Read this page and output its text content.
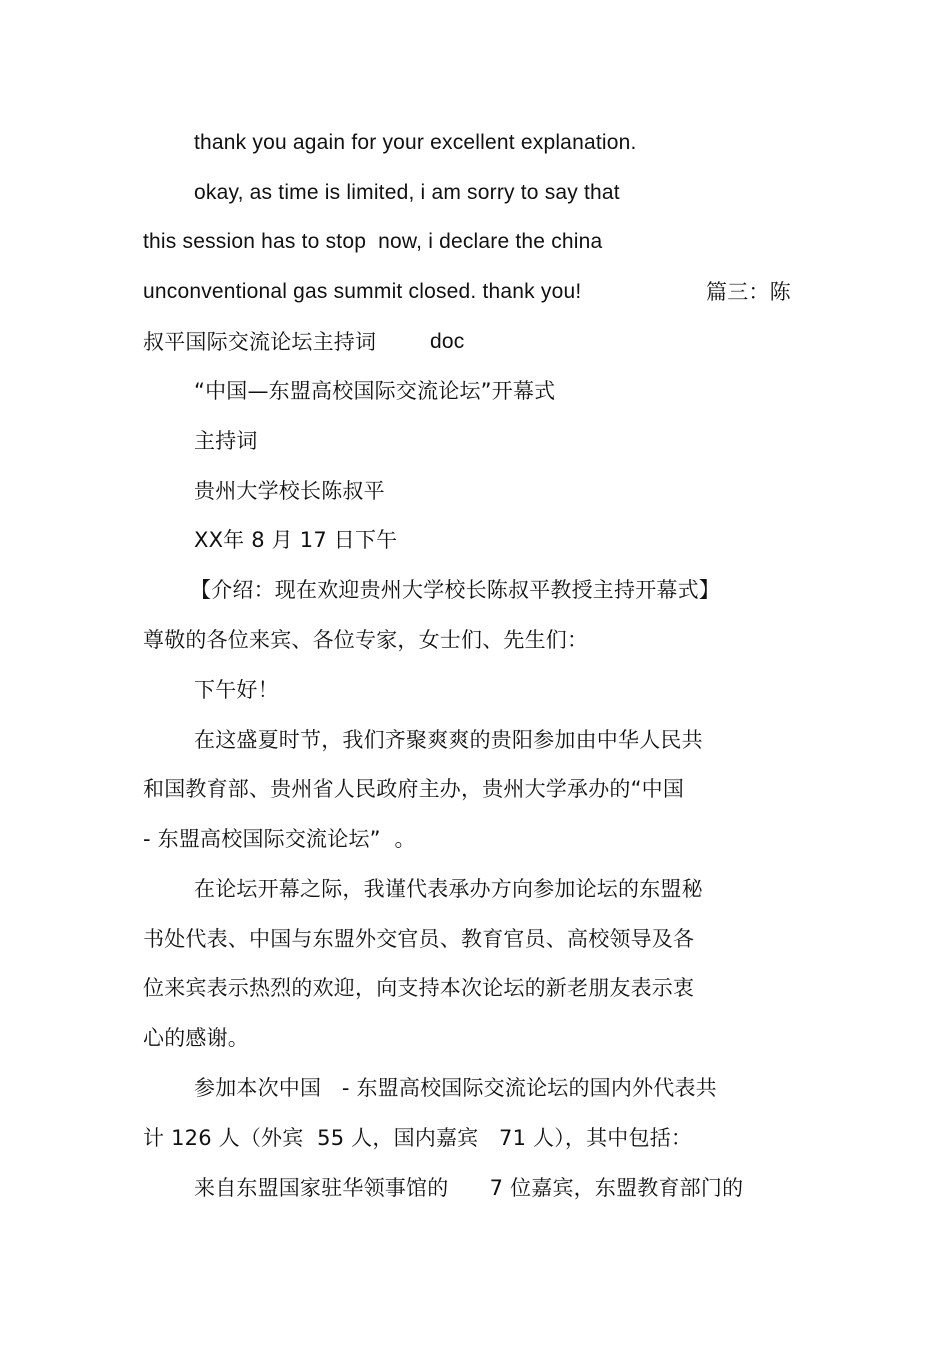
thank you again for your excellent explanation.
okay, as time is limited, i am sorry to say that
this session has to stop  now, i declare the china
unconventional gas summit closed. thank you!	篇三：陈
叔平国际交流论坛主持词	doc
“中国—东盟高校国际交流论坛”开幕式
主持词
贵州大学校长陈叔平
XX年 8 月 17 日下午
【介绍：现在欢迎贵州大学校长陈叔平教授主持开幕式】
尊敬的各位来宾、各位专家，女士们、先生们：
下午好！
在这盛夏时节，我们齐聚爽爽的贵阳参加由中华人民共
和国教育部、贵州省人民政府主办，贵州大学承办的“中国
- 东盟高校国际交流论坛”  。
在论坛开幕之际，我谨代表承办方向参加论坛的东盟秘
书处代表、中国与东盟外交官员、教育官员、高校领导及各
位来宾表示热烈的欢迎，向支持本次论坛的新老朋友表示衷
心的感谢。
参加本次中国   - 东盟高校国际交流论坛的国内外代表共
计 126 人（外宾  55 人，国内嘉宾   71 人），其中包括：
来自东盟国家驻华领事馆的      7 位嘉宾，东盟教育部门的
